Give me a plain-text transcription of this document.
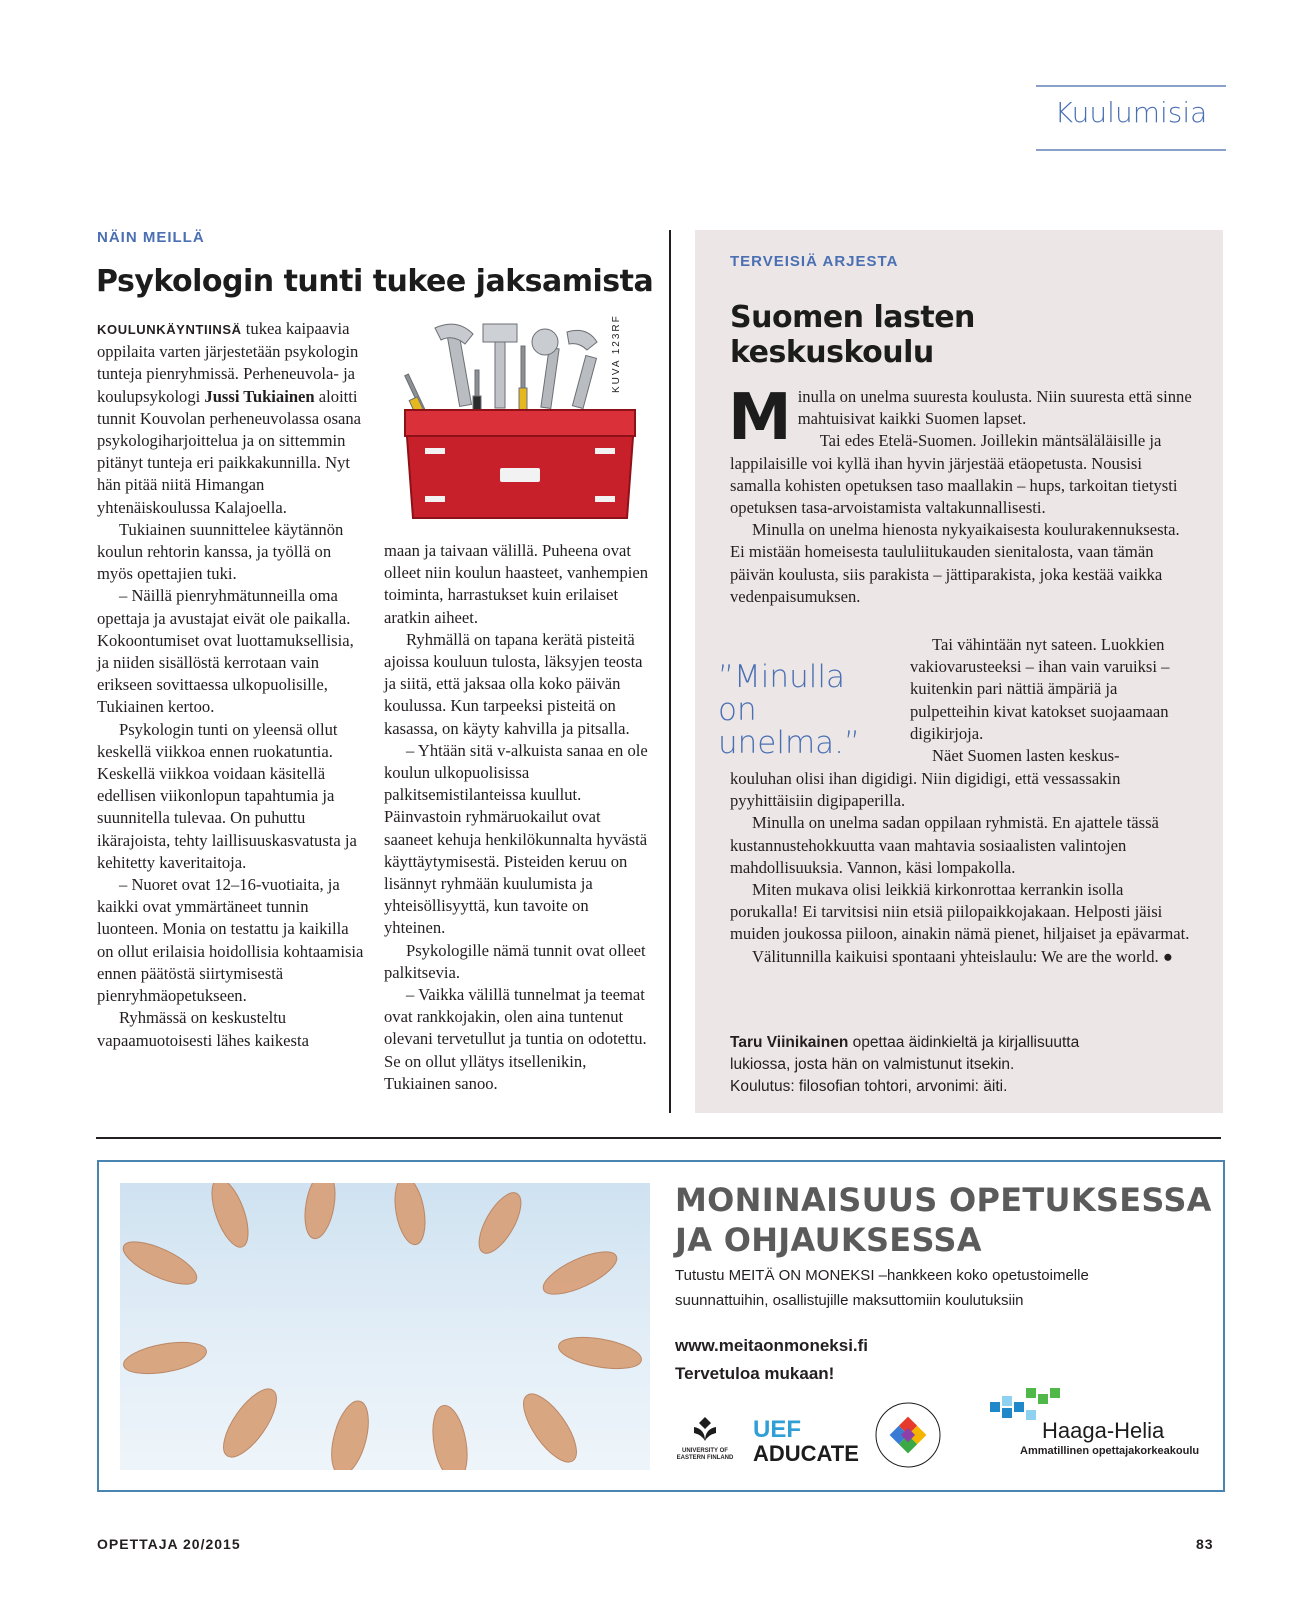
Kuulumisia
NÄIN MEILLÄ
Psykologin tunti tukee jaksamista

KOULUNKÄYNTIINSÄ tukea kaipaavia oppilaita varten järjestetään psykologin tunteja pienryhmissä. Perheneuvola- ja koulupsykologi Jussi Tukiainen aloitti tunnit Kouvolan perheneuvolassa osana psykologiharjoittelua ja on sittemmin pitänyt tunteja eri paikkakunnilla. Nyt hän pitää niitä Himangan yhtenäiskoulussa Kalajoella.

Tukiainen suunnittelee käytännön koulun rehtorin kanssa, ja työllä on myös opettajien tuki.

– Näillä pienryhmätunneilla oma opettaja ja avustajat eivät ole paikalla. Kokoontumiset ovat luottamuksellisia, ja niiden sisällöstä kerrotaan vain erikseen sovittaessa ulkopuolisille, Tukiainen kertoo.

Psykologin tunti on yleensä ollut keskellä viikkoa ennen ruokatuntia. Keskellä viikkoa voidaan käsitellä edellisen viikonlopun tapahtumia ja suunnitella tulevaa. On puhuttu ikärajoista, tehty laillisuuskasvatusta ja kehitetty kaveritaitoja.

– Nuoret ovat 12–16-vuotiaita, ja kaikki ovat ymmärtäneet tunnin luonteen. Monia on testattu ja kaikilla on ollut erilaisia hoidollisia kohtaamisia ennen päätöstä siirtymisestä pienryhmäopetukseen.

Ryhmässä on keskusteltu vapaamuotoisesti lähes kaikesta

KUVA 123RF

maan ja taivaan välillä. Puheena ovat olleet niin koulun haasteet, vanhempien toiminta, harrastukset kuin erilaiset aratkin aiheet.

Ryhmällä on tapana kerätä pisteitä ajoissa kouluun tulosta, läksyjen teosta ja siitä, että jaksaa olla koko päivän koulussa. Kun tarpeeksi pisteitä on kasassa, on käyty kahvilla ja pitsalla.

– Yhtään sitä v-alkuista sanaa en ole koulun ulkopuolisissa palkitsemistilanteissa kuullut. Päinvastoin ryhmäruokailut ovat saaneet kehuja henkilökunnalta hyvästä käyttäytymisestä. Pisteiden keruu on lisännyt ryhmään kuulumista ja yhteisöllisyyttä, kun tavoite on yhteinen.

Psykologille nämä tunnit ovat olleet palkitsevia.

– Vaikka välillä tunnelmat ja teemat ovat rankkojakin, olen aina tuntenut olevani tervetullut ja tuntia on odotettu. Se on ollut yllätys itsellenikin, Tukiainen sanoo.

TERVEISIÄ ARJESTA
Suomen lasten
keskuskoulu

Minulla on unelma suuresta koulusta. Niin suuresta että sinne mahtuisivat kaikki Suomen lapset.

Tai edes Etelä-Suomen. Joillekin mäntsäläläisille ja lappilaisille voi kyllä ihan hyvin järjestää etäopetusta. Nousisi samalla kohisten opetuksen taso maallakin – hups, tarkoitan tietysti opetuksen tasa-arvoistamista valtakunnallisesti.

Minulla on unelma hienosta nykyaikaisesta koulurakennuksesta. Ei mistään homeisesta taululiitukauden sienitalosta, vaan tämän päivän koulusta, siis parakista – jättiparakista, joka kestää vaikka vedenpaisumuksen.

”Minulla on unelma.”

Tai vähintään nyt sateen. Luokkien vakiovarusteeksi – ihan vain varuiksi – kuitenkin pari nättiä ämpäriä ja pulpetteihin kivat katokset suojaamaan digikirjoja.

Näet Suomen lasten keskus-

kouluhan olisi ihan digidigi. Niin digidigi, että vessassakin pyyhittäisiin digipaperilla.

Minulla on unelma sadan oppilaan ryhmistä. En ajattele tässä kustannustehokkuutta vaan mahtavia sosiaalisten valintojen mahdollisuuksia. Vannon, käsi lompakolla.

Miten mukava olisi leikkiä kirkonrottaa kerrankin isolla porukalla! Ei tarvitsisi niin etsiä piilopaikkojakaan. Helposti jäisi muiden joukossa piiloon, ainakin nämä pienet, hiljaiset ja epävarmat.

Välitunnilla kaikuisi spontaani yhteislaulu: We are the world. ●

Taru Viinikainen opettaa äidinkieltä ja kirjallisuutta
lukiossa, josta hän on valmistunut itsekin.
Koulutus: filosofian tohtori, arvonimi: äiti.
MONINAISUUS OPETUKSESSA
JA OHJAUKSESSA
Tutustu MEITÄ ON MONEKSI –hankkeen koko opetustoimelle
suunnattuihin, osallistujille maksuttomiin koulutuksiin
www.meitaonmoneksi.fi
Tervetuloa mukaan!
UNIVERSITY OF EASTERN FINLAND
UEF
ADUCATE
Haaga-Helia
Ammatillinen opettajakorkeakoulu
OPETTAJA 20/2015	83
